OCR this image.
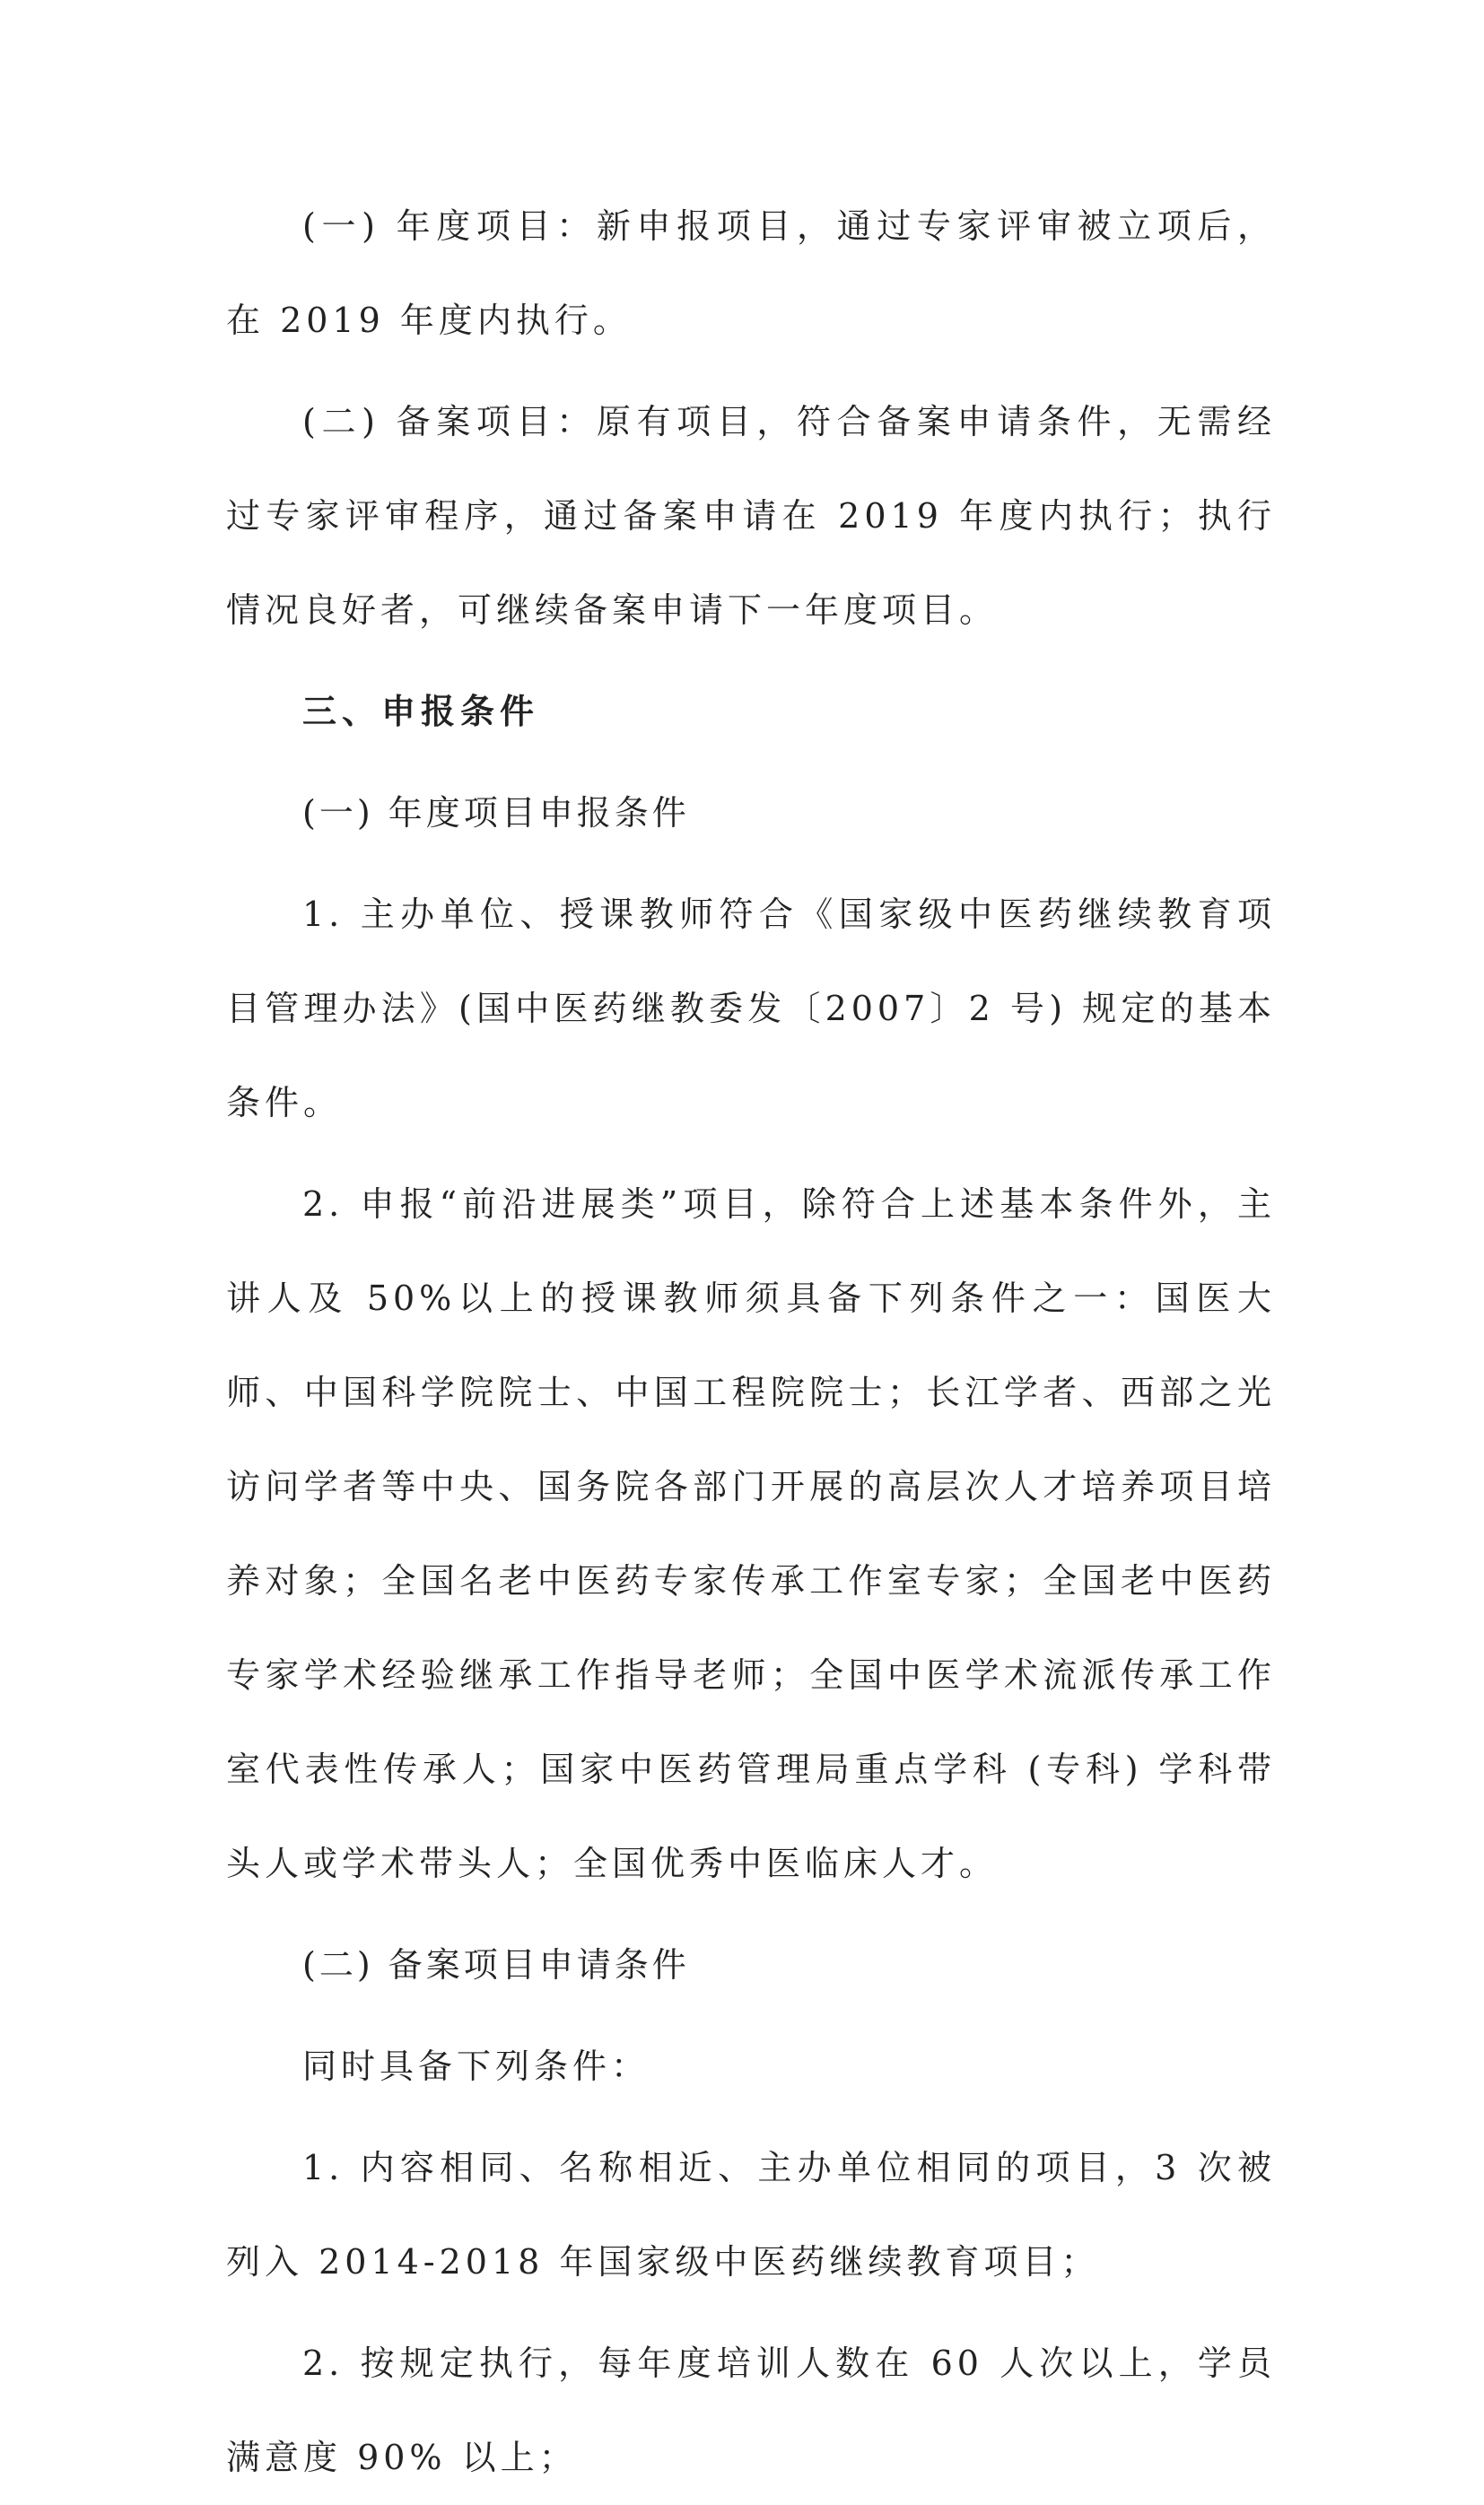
(一) 年度项目：新申报项目，通过专家评审被立项后，在 2019 年度内执行。

(二) 备案项目：原有项目，符合备案申请条件，无需经过专家评审程序，通过备案申请在 2019 年度内执行；执行情况良好者，可继续备案申请下一年度项目。

三、申报条件

(一) 年度项目申报条件

1. 主办单位、授课教师符合《国家级中医药继续教育项目管理办法》(国中医药继教委发〔2007〕2 号) 规定的基本条件。

2. 申报“前沿进展类”项目，除符合上述基本条件外，主讲人及 50%以上的授课教师须具备下列条件之一：国医大师、中国科学院院士、中国工程院院士；长江学者、西部之光访问学者等中央、国务院各部门开展的高层次人才培养项目培养对象；全国名老中医药专家传承工作室专家；全国老中医药专家学术经验继承工作指导老师；全国中医学术流派传承工作室代表性传承人；国家中医药管理局重点学科 (专科) 学科带头人或学术带头人；全国优秀中医临床人才。

(二) 备案项目申请条件

同时具备下列条件：

1. 内容相同、名称相近、主办单位相同的项目，3 次被列入 2014-2018 年国家级中医药继续教育项目；

2. 按规定执行，每年度培训人数在 60 人次以上，学员满意度 90% 以上；
